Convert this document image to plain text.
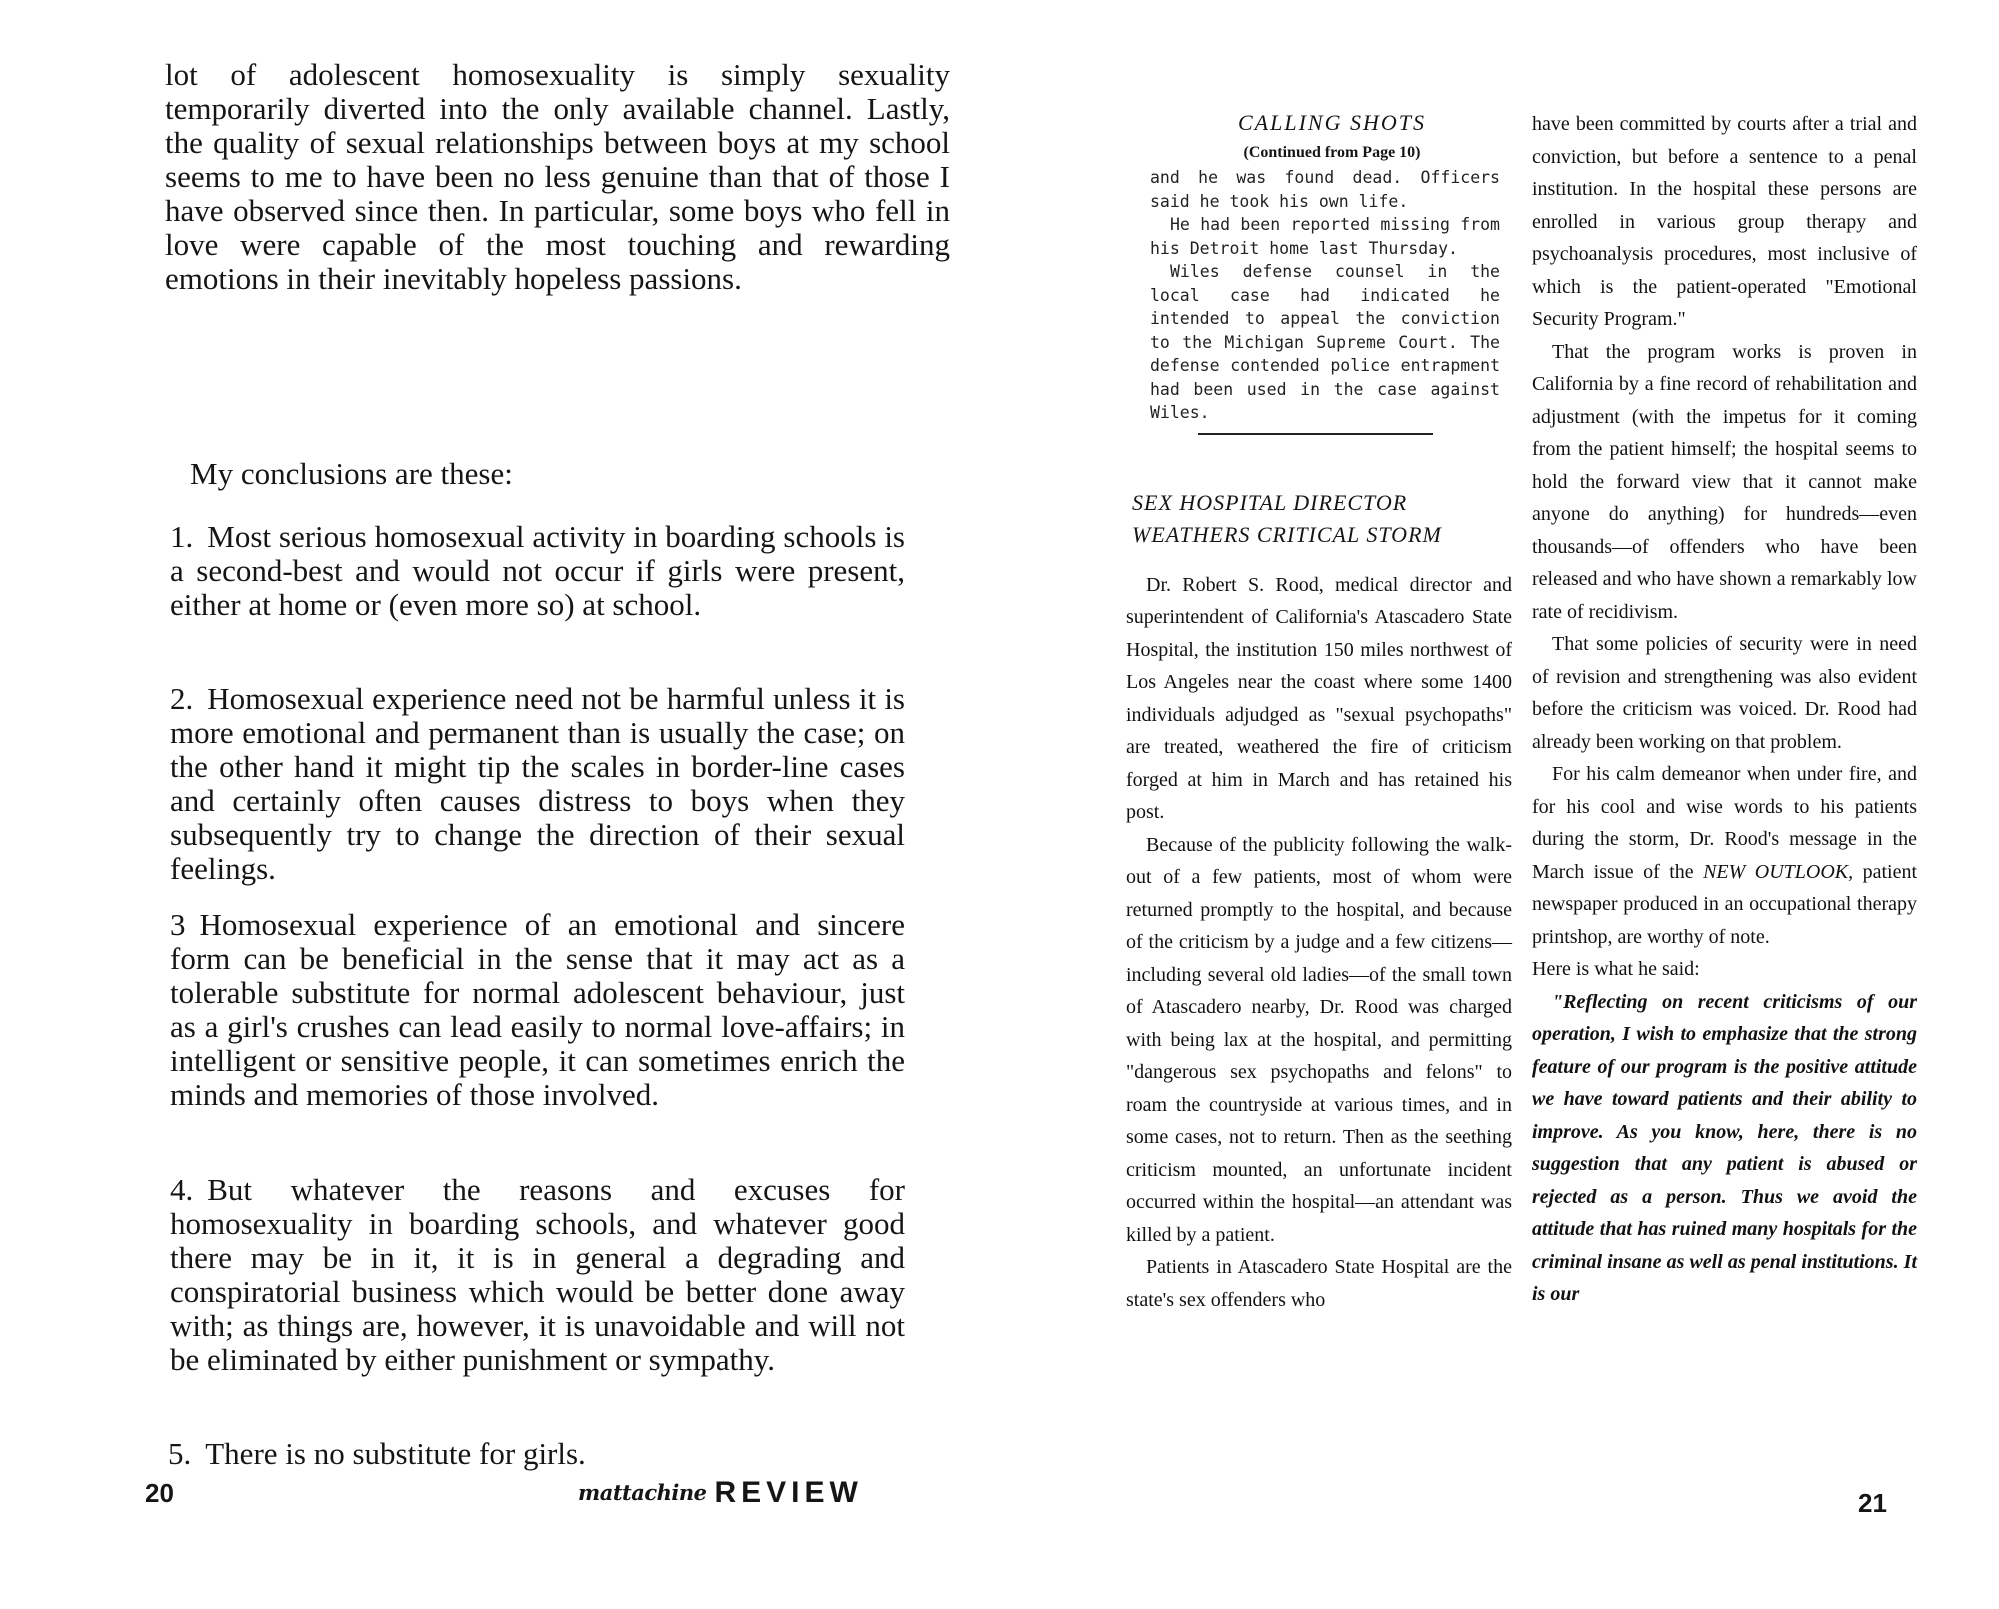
lot of adolescent homosexuality is simply sexuality temporarily diverted into the only available channel. Lastly, the quality of sexual relationships between boys at my school seems to me to have been no less genuine than that of those I have observed since then. In particular, some boys who fell in love were capable of the most touching and rewarding emotions in their inevitably hopeless passions.

My conclusions are these:

1. Most serious homosexual activity in boarding schools is a second-best and would not occur if girls were present, either at home or (even more so) at school.

2. Homosexual experience need not be harmful unless it is more emotional and permanent than is usually the case; on the other hand it might tip the scales in border-line cases and certainly often causes distress to boys when they subsequently try to change the direction of their sexual feelings.

3 Homosexual experience of an emotional and sincere form can be beneficial in the sense that it may act as a tolerable substitute for normal adolescent behaviour, just as a girl's crushes can lead easily to normal love-affairs; in intelligent or sensitive people, it can sometimes enrich the minds and memories of those involved.

4. But whatever the reasons and excuses for homosexuality in boarding schools, and whatever good there may be in it, it is in general a degrading and conspiratorial business which would be better done away with; as things are, however, it is unavoidable and will not be eliminated by either punishment or sympathy.

5. There is no substitute for girls.

20	mattachine REVIEW
CALLING SHOTS
(Continued from Page 10)

and he was found dead. Officers said he took his own life.

He had been reported missing from his Detroit home last Thursday.

Wiles defense counsel in the local case had indicated he intended to appeal the conviction to the Michigan Supreme Court. The defense contended police entrapment had been used in the case against Wiles.

SEX HOSPITAL DIRECTOR
WEATHERS CRITICAL STORM

Dr. Robert S. Rood, medical director and superintendent of California's Atascadero State Hospital, the institution 150 miles northwest of Los Angeles near the coast where some 1400 individuals adjudged as "sexual psychopaths" are treated, weathered the fire of criticism forged at him in March and has retained his post.

Because of the publicity following the walk-out of a few patients, most of whom were returned promptly to the hospital, and because of the criticism by a judge and a few citizens—including several old ladies—of the small town of Atascadero nearby, Dr. Rood was charged with being lax at the hospital, and permitting "dangerous sex psychopaths and felons" to roam the countryside at various times, and in some cases, not to return. Then as the seething criticism mounted, an unfortunate incident occurred within the hospital—an attendant was killed by a patient.

Patients in Atascadero State Hospital are the state's sex offenders who

have been committed by courts after a trial and conviction, but before a sentence to a penal institution. In the hospital these persons are enrolled in various group therapy and psychoanalysis procedures, most inclusive of which is the patient-operated "Emotional Security Program."

That the program works is proven in California by a fine record of rehabilitation and adjustment (with the impetus for it coming from the patient himself; the hospital seems to hold the forward view that it cannot make anyone do anything) for hundreds—even thousands—of offenders who have been released and who have shown a remarkably low rate of recidivism.

That some policies of security were in need of revision and strengthening was also evident before the criticism was voiced. Dr. Rood had already been working on that problem.

For his calm demeanor when under fire, and for his cool and wise words to his patients during the storm, Dr. Rood's message in the March issue of the NEW OUTLOOK, patient newspaper produced in an occupational therapy printshop, are worthy of note.

Here is what he said:

"Reflecting on recent criticisms of our operation, I wish to emphasize that the strong feature of our program is the positive attitude we have toward patients and their ability to improve. As you know, here, there is no suggestion that any patient is abused or rejected as a person. Thus we avoid the attitude that has ruined many hospitals for the criminal insane as well as penal institutions. It is our

21
